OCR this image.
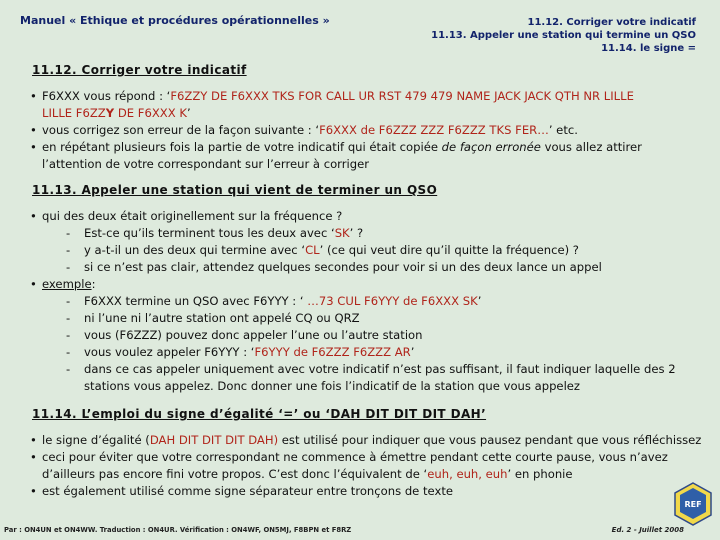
Manuel « Ethique et procédures opérationnelles »	11.12. Corriger votre indicatif
11.13. Appeler une station qui termine un QSO
11.14. le signe =
11.12. Corriger votre indicatif
• F6XXX vous répond : ‘F6ZZY DE F6XXX TKS FOR CALL UR RST 479 479 NAME JACK JACK QTH NR LILLE
LILLE F6ZZY DE F6XXX K’
• vous corrigez son erreur de la façon suivante : ‘F6XXX de F6ZZZ ZZZ F6ZZZ TKS FER…’ etc.
• en répétant plusieurs fois la partie de votre indicatif qui était copiée de façon erronée vous allez attirer l’attention de votre correspondant sur l’erreur à corriger
11.13. Appeler une station qui vient de terminer un QSO
• qui des deux était originellement sur la fréquence ?
- Est-ce qu’ils terminent tous les deux avec ‘SK’ ?
- y a-t-il un des deux qui termine avec ‘CL’ (ce qui veut dire qu’il quitte la fréquence) ?
- si ce n’est pas clair, attendez quelques secondes pour voir si un des deux lance un appel
• exemple:
- F6XXX termine un QSO avec F6YYY : ‘ …73 CUL F6YYY de F6XXX SK’
- ni l’une ni l’autre station ont appelé CQ ou QRZ
- vous (F6ZZZ) pouvez donc appeler l’une ou l’autre station
- vous voulez appeler F6YYY : ‘F6YYY de F6ZZZ F6ZZZ AR’
- dans ce cas appeler uniquement avec votre indicatif n’est pas suffisant, il faut indiquer laquelle des 2 stations vous appelez. Donc donner une fois l’indicatif de la station que vous appelez
11.14. L’emploi du signe d’égalité ‘=’ ou ‘DAH DIT DIT DIT DAH’
• le signe d’égalité (DAH DIT DIT DIT DAH) est utilisé pour indiquer que vous pausez pendant que vous réfléchissez
• ceci pour éviter que votre correspondant ne commence à émettre pendant cette courte pause, vous n’avez d’ailleurs pas encore fini votre propos. C’est donc l’équivalent de ‘euh, euh, euh’ en phonie
• est également utilisé comme signe séparateur entre tronçons de texte
Par : ON4UN et ON4WW. Traduction : ON4UR. Vérification : ON4WF, ON5MJ, F8BPN et F8RZ	Ed. 2 - Juillet 2008
REF
